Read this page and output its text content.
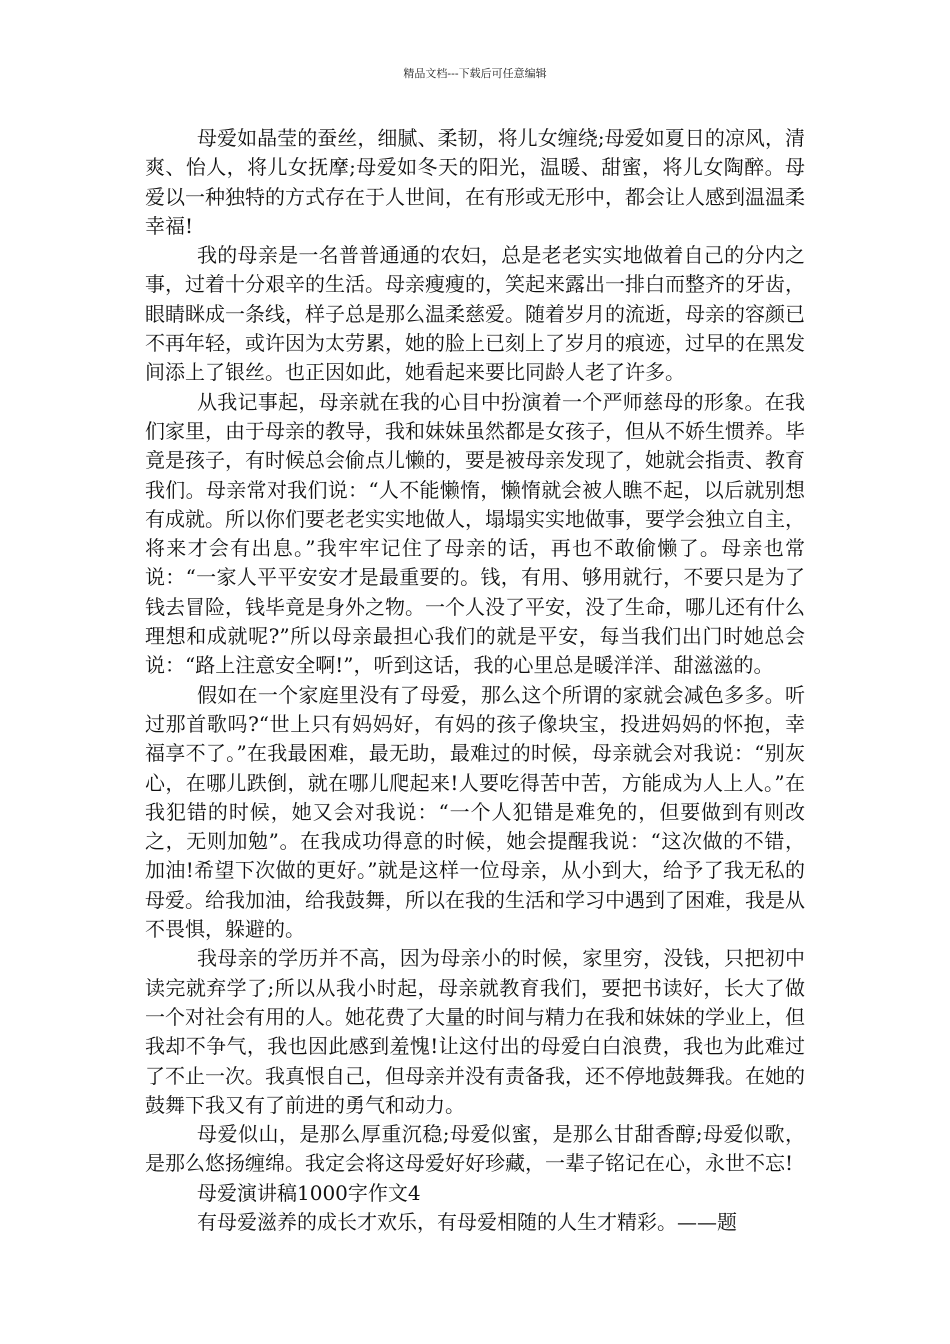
精品文档---下载后可任意编辑

母爱如晶莹的蚕丝，细腻、柔韧，将儿女缠绕;母爱如夏日的凉风，清爽、怡人，将儿女抚摩;母爱如冬天的阳光，温暖、甜蜜，将儿女陶醉。母爱以一种独特的方式存在于人世间，在有形或无形中，都会让人感到温温柔幸福!

我的母亲是一名普普通通的农妇，总是老老实实地做着自己的分内之事，过着十分艰辛的生活。母亲瘦瘦的，笑起来露出一排白而整齐的牙齿，眼睛眯成一条线，样子总是那么温柔慈爱。随着岁月的流逝，母亲的容颜已不再年轻，或许因为太劳累，她的脸上已刻上了岁月的痕迹，过早的在黑发间添上了银丝。也正因如此，她看起来要比同龄人老了许多。

从我记事起，母亲就在我的心目中扮演着一个严师慈母的形象。在我们家里，由于母亲的教导，我和妹妹虽然都是女孩子，但从不娇生惯养。毕竟是孩子，有时候总会偷点儿懒的，要是被母亲发现了，她就会指责、教育我们。母亲常对我们说：“人不能懒惰，懒惰就会被人瞧不起，以后就别想有成就。所以你们要老老实实地做人，塌塌实实地做事，要学会独立自主，将来才会有出息。”我牢牢记住了母亲的话，再也不敢偷懒了。母亲也常说：“一家人平平安安才是最重要的。钱，有用、够用就行，不要只是为了钱去冒险，钱毕竟是身外之物。一个人没了平安，没了生命，哪儿还有什么理想和成就呢?”所以母亲最担心我们的就是平安，每当我们出门时她总会说：“路上注意安全啊!”，听到这话，我的心里总是暖洋洋、甜滋滋的。

假如在一个家庭里没有了母爱，那么这个所谓的家就会减色多多。听过那首歌吗?“世上只有妈妈好，有妈的孩子像块宝，投进妈妈的怀抱，幸福享不了。”在我最困难，最无助，最难过的时候，母亲就会对我说：“别灰心，在哪儿跌倒，就在哪儿爬起来!人要吃得苦中苦，方能成为人上人。”在我犯错的时候，她又会对我说：“一个人犯错是难免的，但要做到有则改之，无则加勉”。在我成功得意的时候，她会提醒我说：“这次做的不错，加油!希望下次做的更好。”就是这样一位母亲，从小到大，给予了我无私的母爱。给我加油，给我鼓舞，所以在我的生活和学习中遇到了困难，我是从不畏惧，躲避的。

我母亲的学历并不高，因为母亲小的时候，家里穷，没钱，只把初中读完就弃学了;所以从我小时起，母亲就教育我们，要把书读好，长大了做一个对社会有用的人。她花费了大量的时间与精力在我和妹妹的学业上，但我却不争气，我也因此感到羞愧!让这付出的母爱白白浪费，我也为此难过了不止一次。我真恨自己，但母亲并没有责备我，还不停地鼓舞我。在她的鼓舞下我又有了前进的勇气和动力。

母爱似山，是那么厚重沉稳;母爱似蜜，是那么甘甜香醇;母爱似歌，是那么悠扬缠绵。我定会将这母爱好好珍藏，一辈子铭记在心，永世不忘!

母爱演讲稿1000字作文4

有母爱滋养的成长才欢乐，有母爱相随的人生才精彩。——题
